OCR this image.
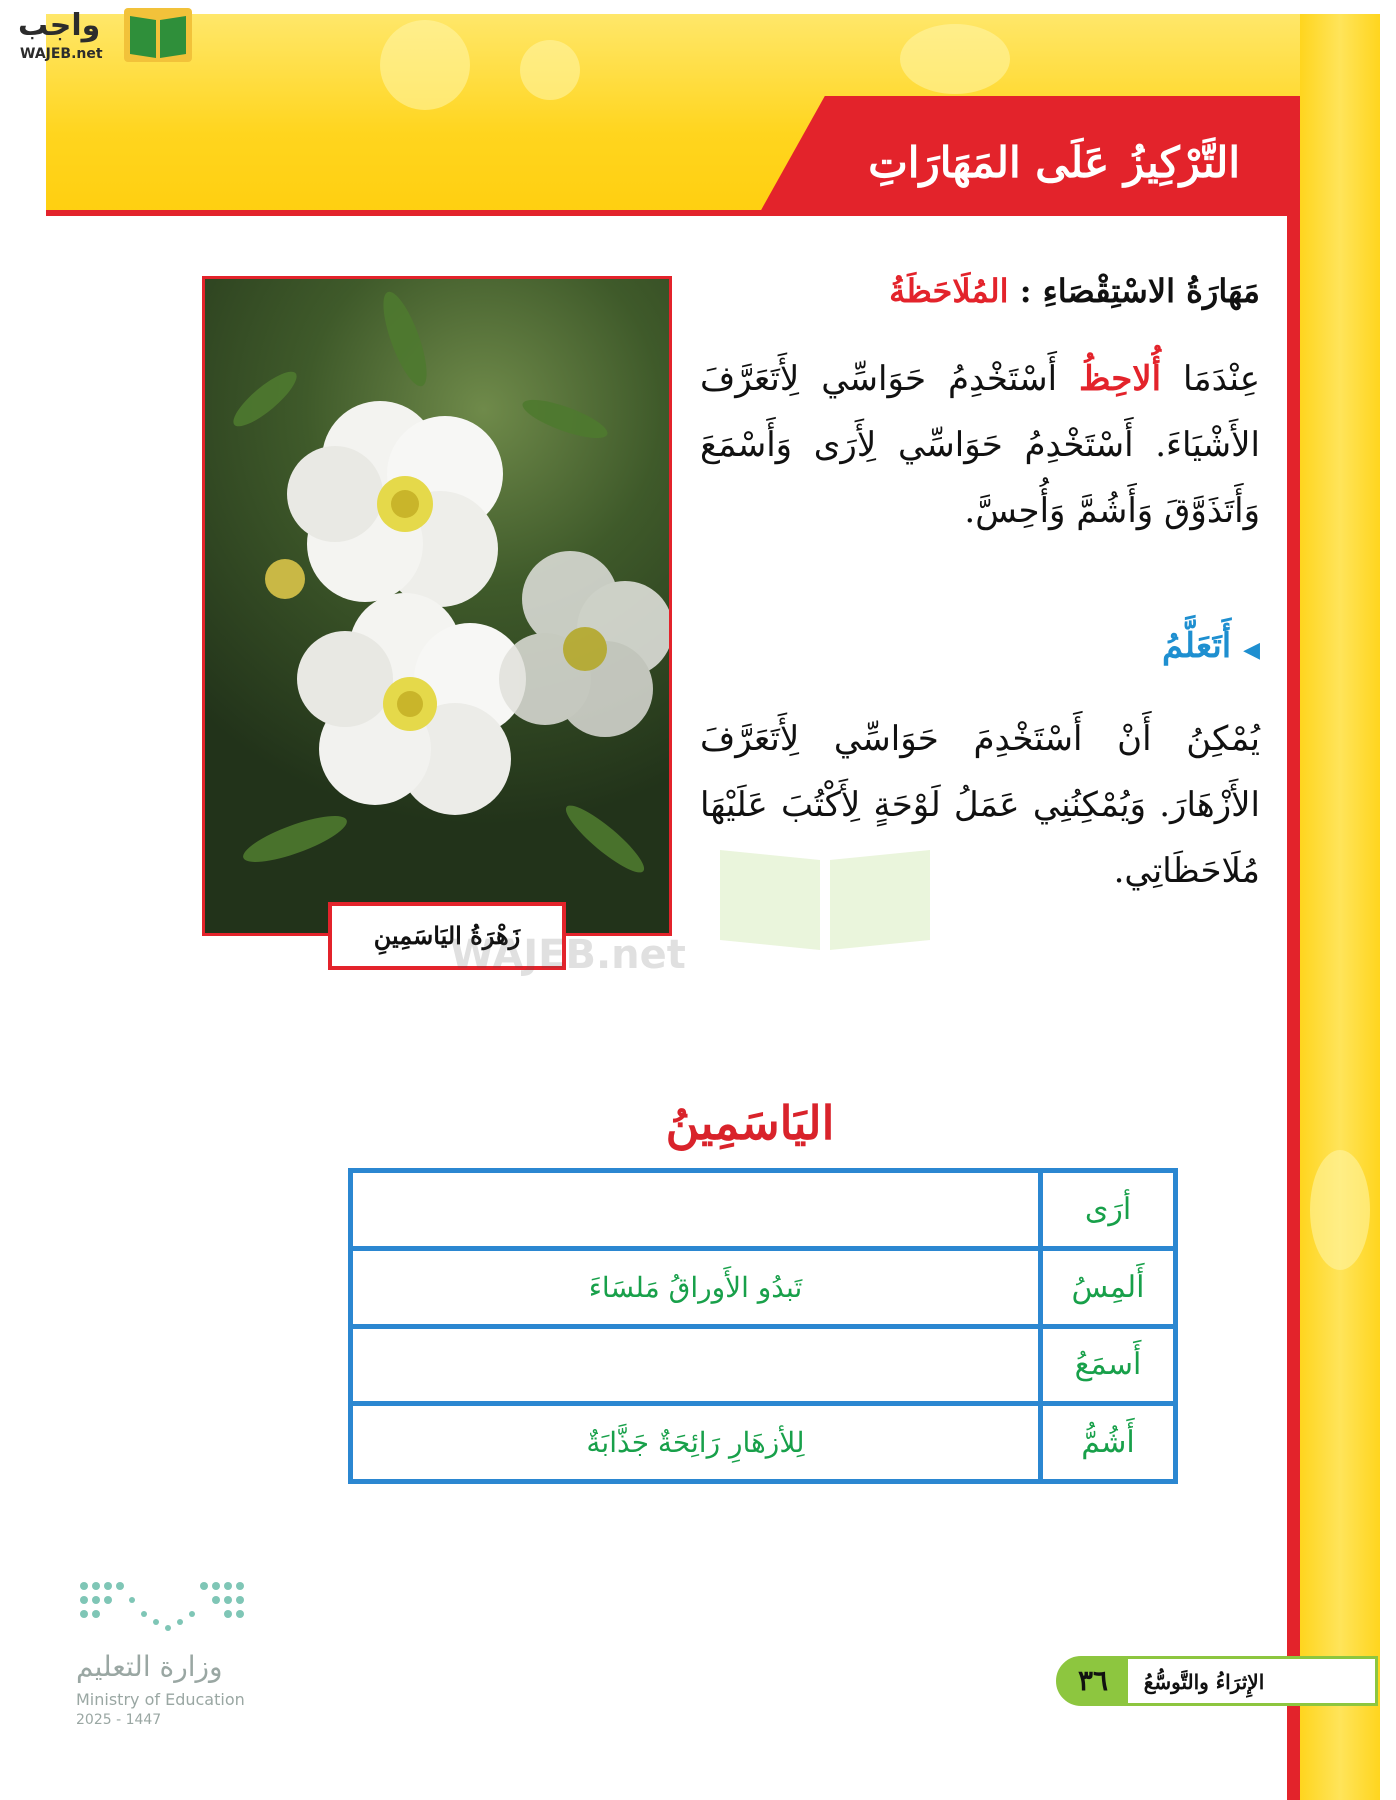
التَّرْكِيزُ عَلَى المَهَارَاتِ
واجب
WAJEB.net
زَهْرَةُ اليَاسَمِينِ
مَهَارَةُ الاسْتِقْصَاءِ : المُلَاحَظَةُ
عِنْدَمَا أُلاحِظُ أَسْتَخْدِمُ حَوَاسِّي لِأَتَعَرَّفَ الأَشْيَاءَ. أَسْتَخْدِمُ حَوَاسِّي لِأَرَى وَأَسْمَعَ وَأَتَذَوَّقَ وَأَشُمَّ وَأُحِسَّ.
◀ أَتَعَلَّمُ
يُمْكِنُ أَنْ أَسْتَخْدِمَ حَوَاسِّي لِأَتَعَرَّفَ الأَزْهَارَ. وَيُمْكِنُنِي عَمَلُ لَوْحَةٍ لِأَكْتُبَ عَلَيْهَا مُلَاحَظَاتِي.
WAJEB.net
اليَاسَمِينُ
أرَى	
أَلمِسُ	تَبدُو الأَوراقُ مَلسَاءَ
أَسمَعُ	
أَشُمُّ	لِلأزهَارِ رَائِحَةٌ جَذَّابَةٌ
وزارة التعليم
Ministry of Education
2025 - 1447
٣٦	الإِثرَاءُ والتَّوسُّعُ
